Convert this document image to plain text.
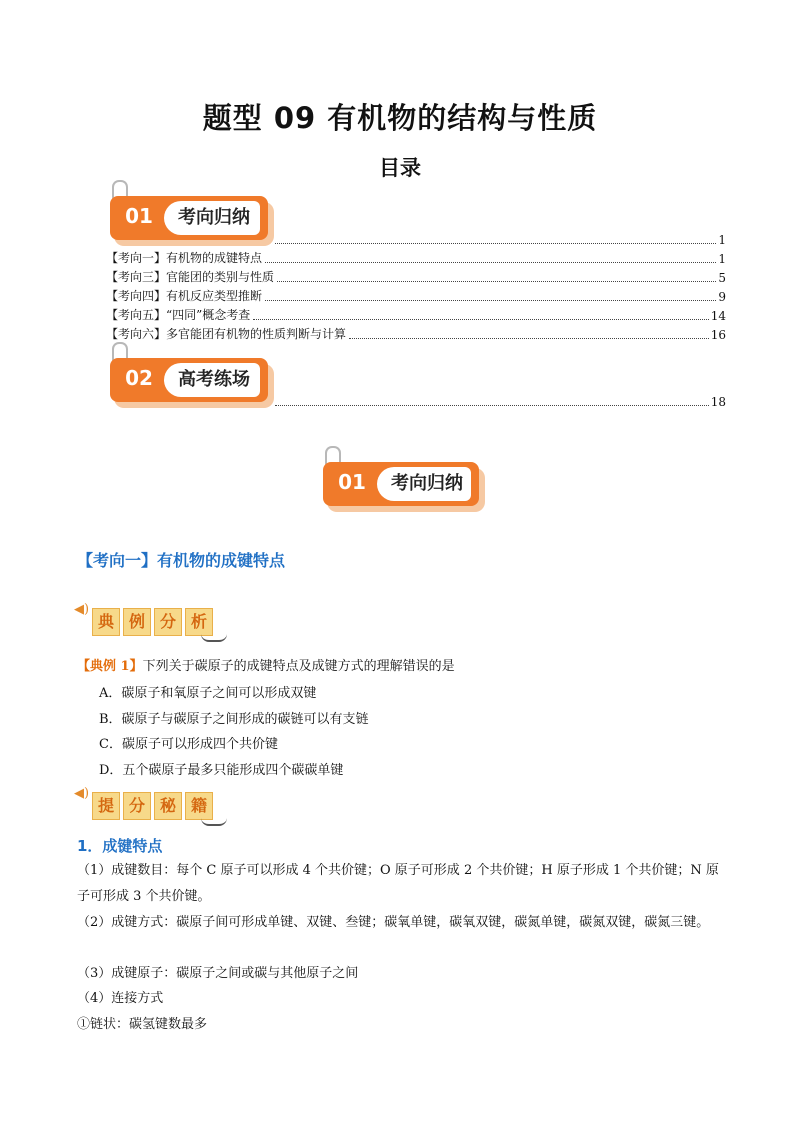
题型 09 有机物的结构与性质
目录
01	考向归纳
1
【考向一】有机物的成键特点	1
【考向三】官能团的类别与性质	5
【考向四】有机反应类型推断	9
【考向五】“四同”概念考查	14
【考向六】多官能团有机物的性质判断与计算	16
02	高考练场
18
01	考向归纳
【考向一】有机物的成键特点
◀)
典 例 分 析
【典例 1】下列关于碳原子的成键特点及成键方式的理解错误的是
A．碳原子和氧原子之间可以形成双键
B．碳原子与碳原子之间形成的碳链可以有支链
C．碳原子可以形成四个共价键
D．五个碳原子最多只能形成四个碳碳单键
◀)
提 分 秘 籍
1．成键特点
（1）成键数目：每个 C 原子可以形成 4 个共价键；O 原子可形成 2 个共价键；H 原子形成 1 个共价键；N 原子可形成 3 个共价键。
（2）成键方式：碳原子间可形成单键、双键、叁键；碳氧单键，碳氧双键，碳氮单键，碳氮双键，碳氮三键。
（3）成键原子：碳原子之间或碳与其他原子之间
（4）连接方式
①链状：碳氢键数最多
